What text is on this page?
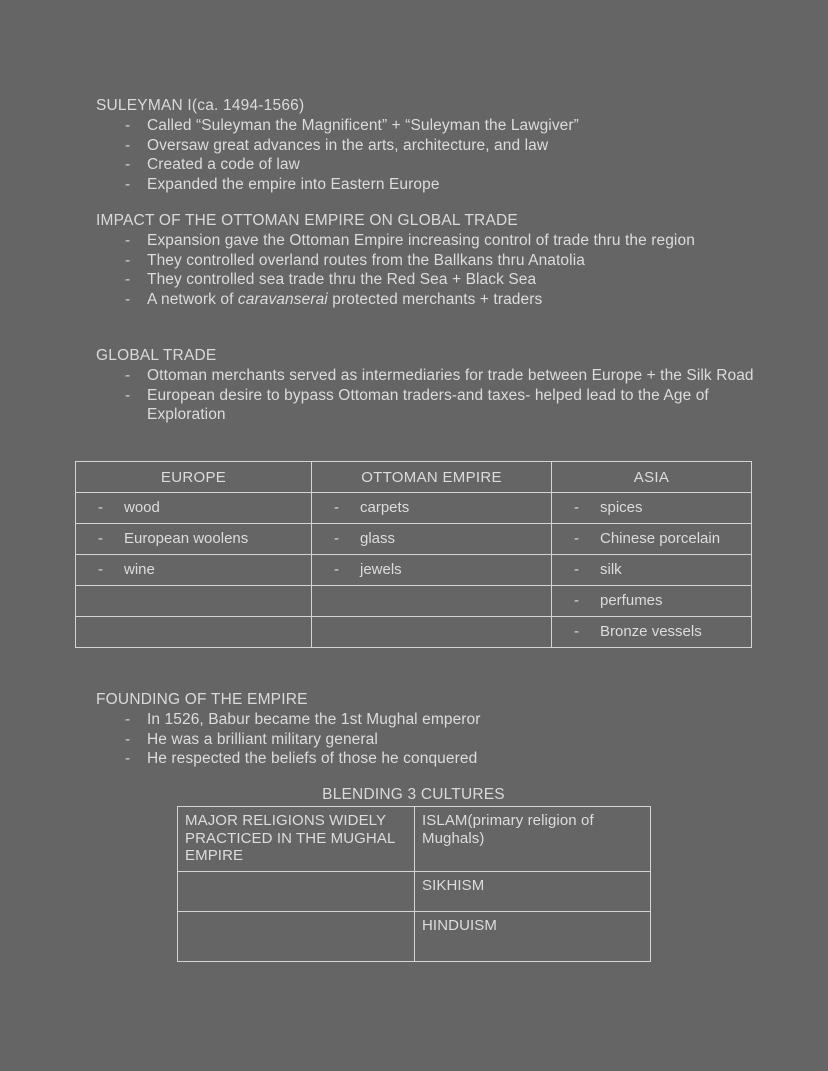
SULEYMAN I(ca. 1494-1566)
- Called “Suleyman the Magnificent” + “Suleyman the Lawgiver”
- Oversaw great advances in the arts, architecture, and law
- Created a code of law
- Expanded the empire into Eastern Europe
IMPACT OF THE OTTOMAN EMPIRE ON GLOBAL TRADE
- Expansion gave the Ottoman Empire increasing control of trade thru the region
- They controlled overland routes from the Ballkans thru Anatolia
- They controlled sea trade thru the Red Sea + Black Sea
- A network of caravanserai protected merchants + traders
GLOBAL TRADE
- Ottoman merchants served as intermediaries for trade between Europe + the Silk Road
- European desire to bypass Ottoman traders-and taxes- helped lead to the Age of Exploration
EUROPE	OTTOMAN EMPIRE	ASIA

- wood	- carpets	- spices

- European woolens	- glass	- Chinese porcelain

- wine	- jewels	- silk

		- perfumes

		- Bronze vessels
FOUNDING OF THE EMPIRE
- In 1526, Babur became the 1st Mughal emperor
- He was a brilliant military general
- He respected the beliefs of those he conquered
BLENDING 3 CULTURES
MAJOR RELIGIONS WIDELY PRACTICED IN THE MUGHAL EMPIRE	ISLAM(primary religion of Mughals)
	SIKHISM
	HINDUISM
